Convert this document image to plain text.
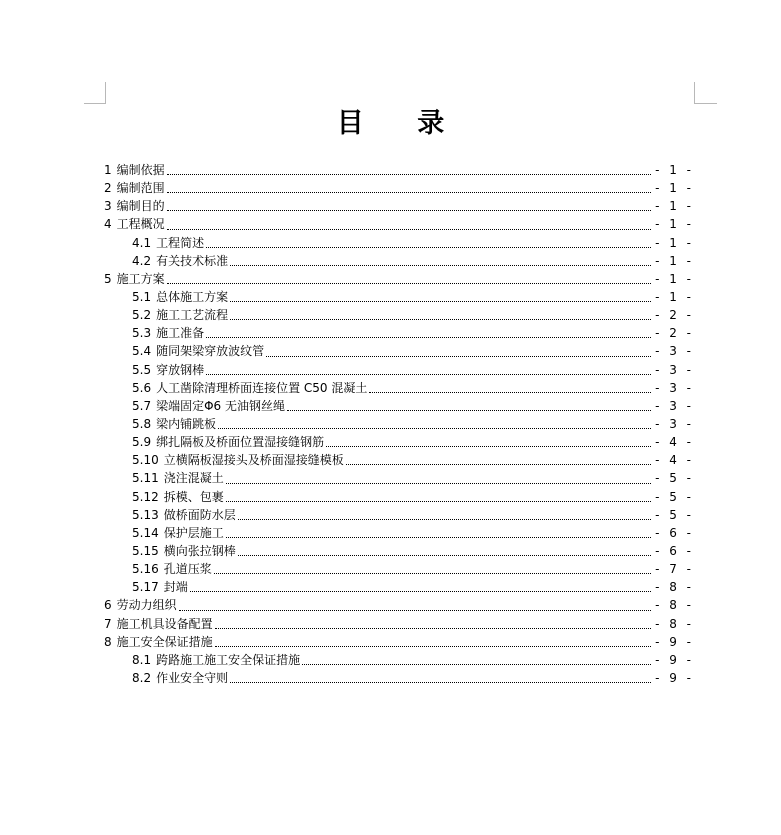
目 录
1 编制依据	- 1 -
2 编制范围	- 1 -
3 编制目的	- 1 -
4 工程概况	- 1 -
4.1 工程简述	- 1 -
4.2 有关技术标准	- 1 -
5 施工方案	- 1 -
5.1 总体施工方案	- 1 -
5.2 施工工艺流程	- 2 -
5.3 施工准备	- 2 -
5.4 随同架梁穿放波纹管	- 3 -
5.5 穿放钢棒	- 3 -
5.6 人工凿除清理桥面连接位置 C50 混凝土	- 3 -
5.7 梁端固定Φ6 无油钢丝绳	- 3 -
5.8 梁内铺跳板	- 3 -
5.9 绑扎隔板及桥面位置湿接缝钢筋	- 4 -
5.10 立横隔板湿接头及桥面湿接缝模板	- 4 -
5.11 浇注混凝土	- 5 -
5.12 拆模、包裹	- 5 -
5.13 做桥面防水层	- 5 -
5.14 保护层施工	- 6 -
5.15 横向张拉钢棒	- 6 -
5.16 孔道压浆	- 7 -
5.17 封端	- 8 -
6 劳动力组织	- 8 -
7 施工机具设备配置	- 8 -
8 施工安全保证措施	- 9 -
8.1 跨路施工施工安全保证措施	- 9 -
8.2 作业安全守则	- 9 -
